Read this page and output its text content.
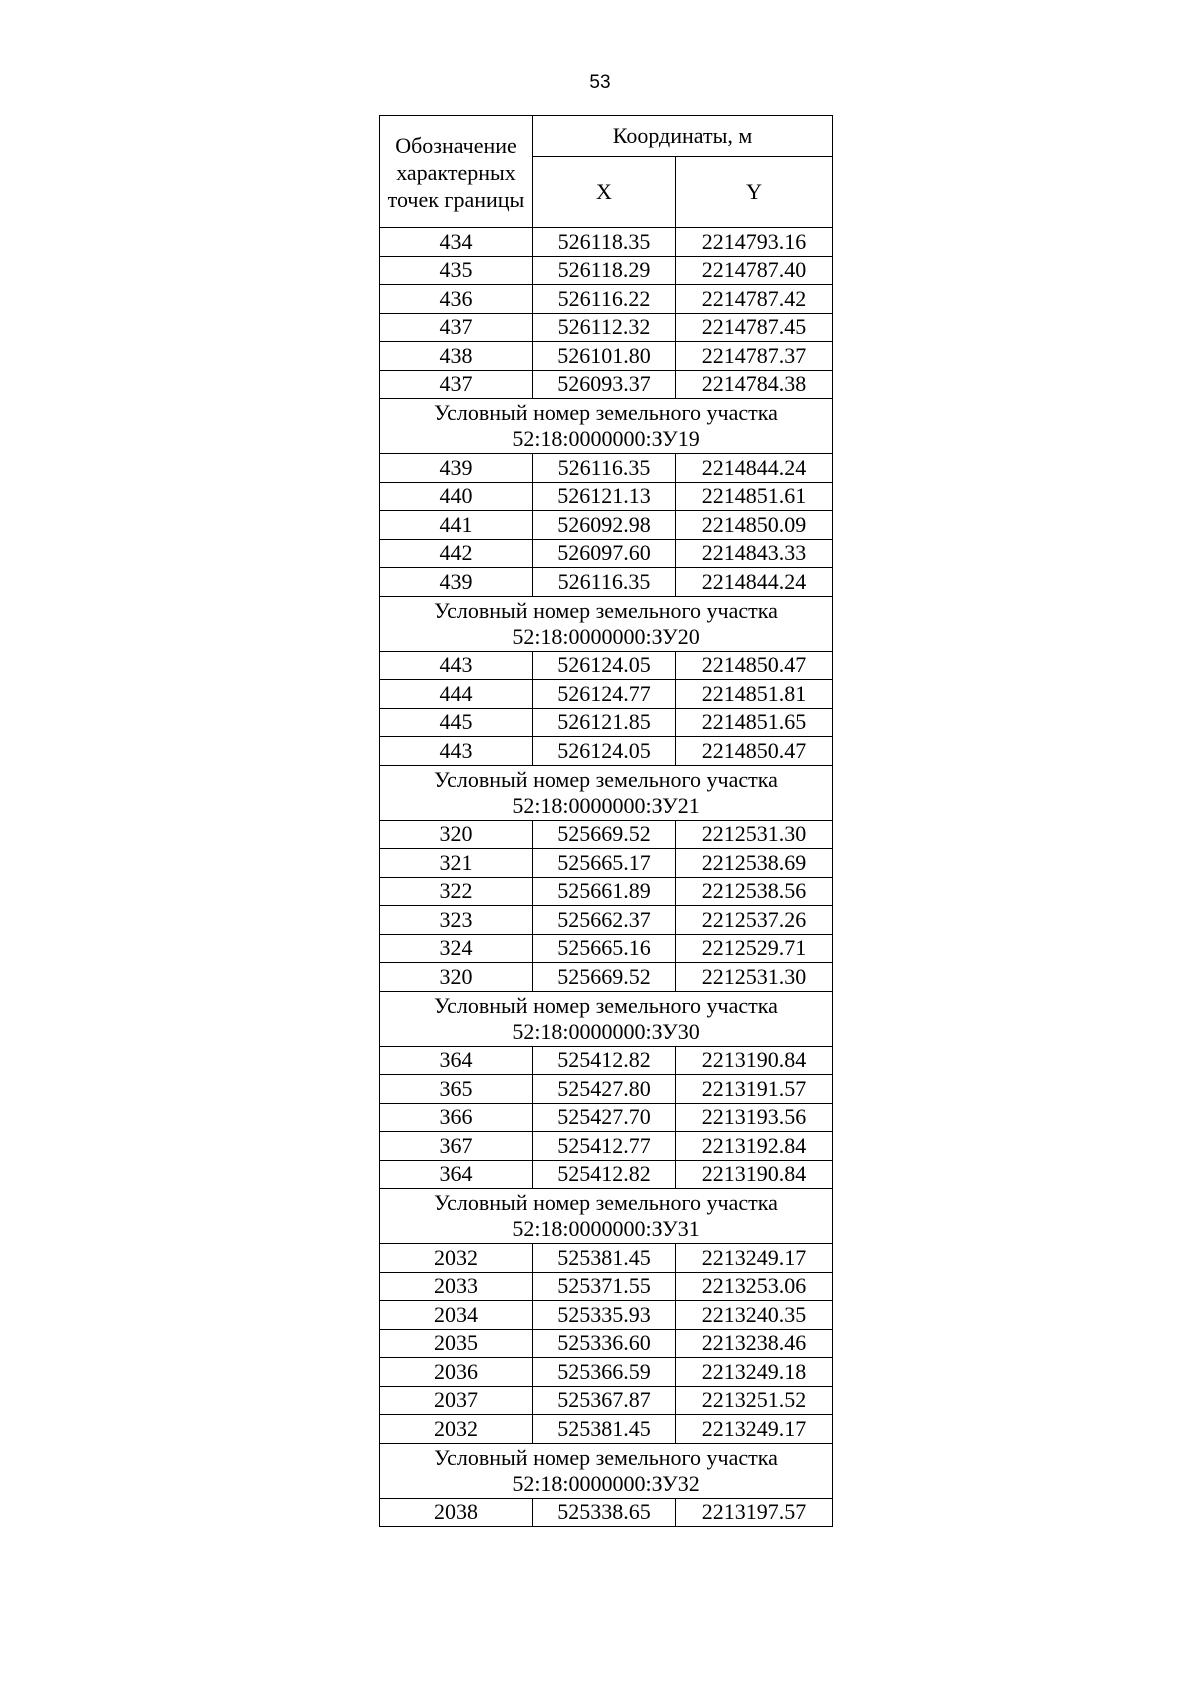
53
Обозначение характерных точек границы	Координаты, м	
	X	Y
434	526118.35	2214793.16
435	526118.29	2214787.40
436	526116.22	2214787.42
437	526112.32	2214787.45
438	526101.80	2214787.37
437	526093.37	2214784.38

Условный номер земельного участка
52:18:0000000:ЗУ19		

439	526116.35	2214844.24
440	526121.13	2214851.61
441	526092.98	2214850.09
442	526097.60	2214843.33
439	526116.35	2214844.24

Условный номер земельного участка
52:18:0000000:ЗУ20		

443	526124.05	2214850.47
444	526124.77	2214851.81
445	526121.85	2214851.65
443	526124.05	2214850.47

Условный номер земельного участка
52:18:0000000:ЗУ21		

320	525669.52	2212531.30
321	525665.17	2212538.69
322	525661.89	2212538.56
323	525662.37	2212537.26
324	525665.16	2212529.71
320	525669.52	2212531.30

Условный номер земельного участка
52:18:0000000:ЗУ30		

364	525412.82	2213190.84
365	525427.80	2213191.57
366	525427.70	2213193.56
367	525412.77	2213192.84
364	525412.82	2213190.84

Условный номер земельного участка
52:18:0000000:ЗУ31		

2032	525381.45	2213249.17
2033	525371.55	2213253.06
2034	525335.93	2213240.35
2035	525336.60	2213238.46
2036	525366.59	2213249.18
2037	525367.87	2213251.52
2032	525381.45	2213249.17

Условный номер земельного участка
52:18:0000000:ЗУ32		

2038	525338.65	2213197.57
